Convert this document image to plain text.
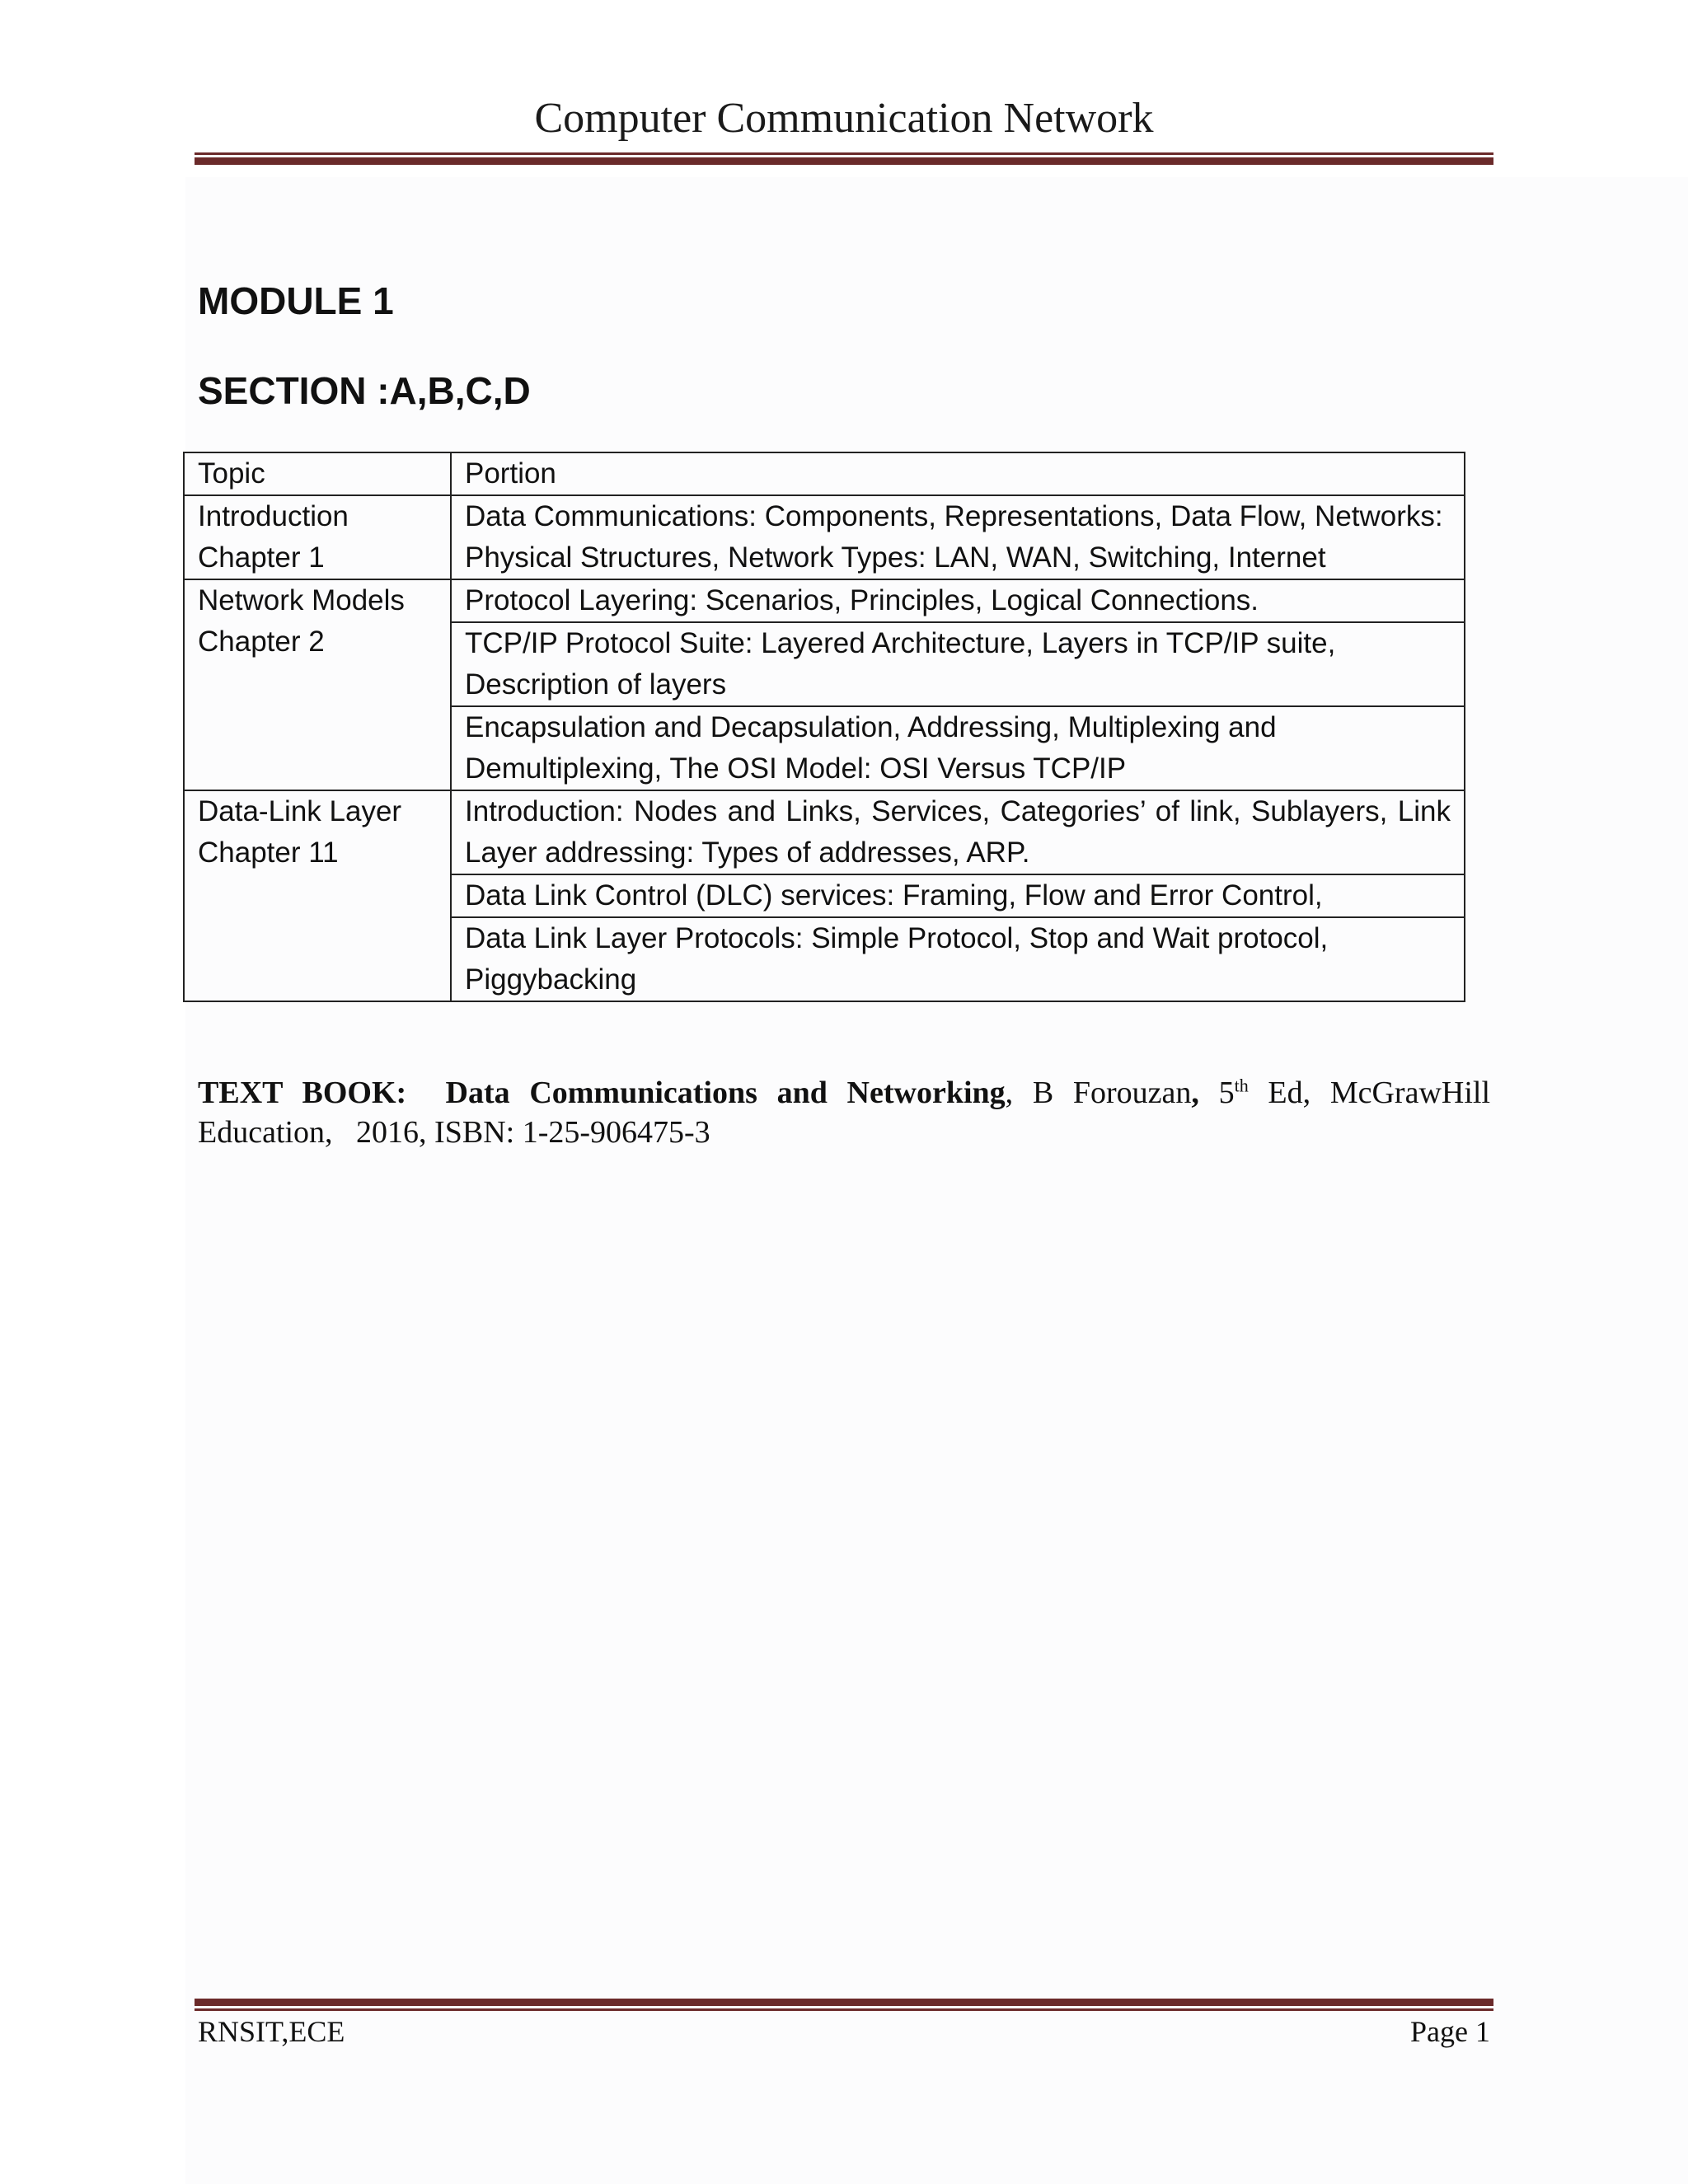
Computer Communication Network
MODULE 1
SECTION :A,B,C,D
Topic	Portion

Introduction
Chapter 1	Data Communications: Components, Representations, Data Flow, Networks: Physical Structures, Network Types: LAN, WAN, Switching, Internet

Network Models
Chapter 2	Protocol Layering: Scenarios, Principles, Logical Connections.
	TCP/IP Protocol Suite: Layered Architecture, Layers in TCP/IP suite, Description of layers
	Encapsulation and Decapsulation, Addressing, Multiplexing and Demultiplexing, The OSI Model: OSI Versus TCP/IP

Data-Link Layer
Chapter 11	Introduction: Nodes and Links, Services, Categories’ of link, Sublayers, Link Layer addressing: Types of addresses, ARP.
	Data Link Control (DLC) services: Framing, Flow and Error Control,
	Data Link Layer Protocols: Simple Protocol, Stop and Wait protocol, Piggybacking
TEXT BOOK: Data Communications and Networking, B Forouzan, 5th Ed, McGrawHill Education,   2016, ISBN: 1-25-906475-3
RNSIT,ECE	Page 1
